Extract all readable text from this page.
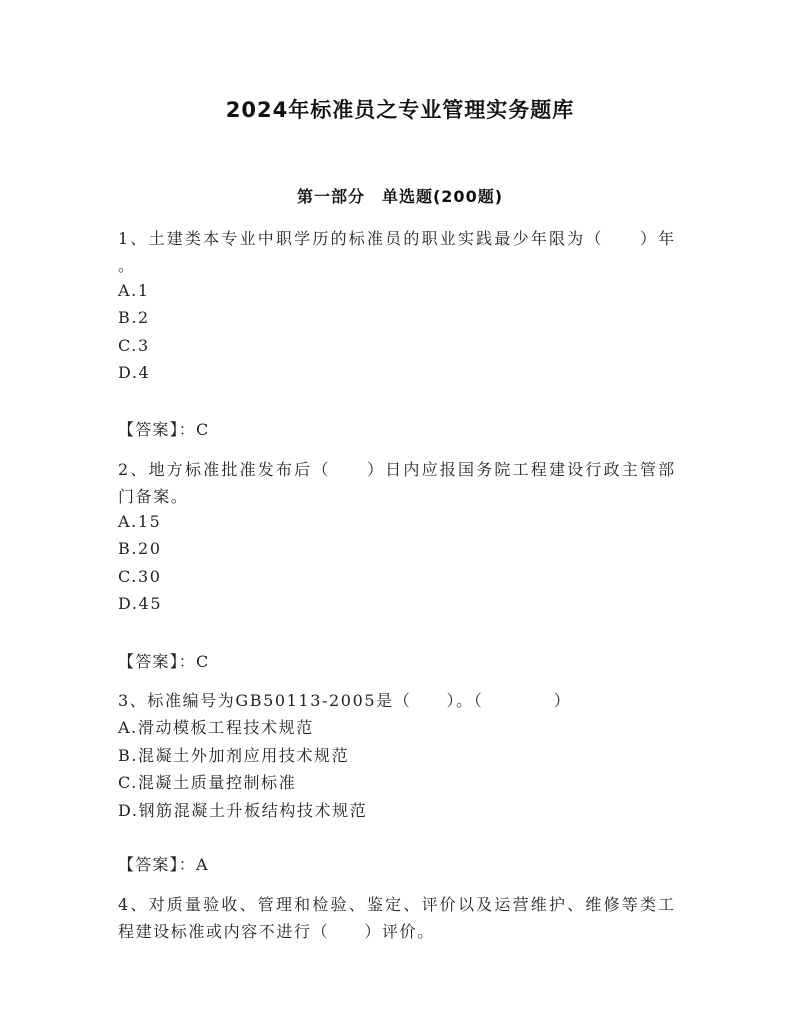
2024年标准员之专业管理实务题库
第一部分　单选题(200题)
1、土建类本专业中职学历的标准员的职业实践最少年限为（　　）年
。
A.1
B.2
C.3
D.4
【答案】：C
2、地方标准批准发布后（　　）日内应报国务院工程建设行政主管部
门备案。
A.15
B.20
C.30
D.45
【答案】：C
3、标准编号为GB50113-2005是（　　）。（　　　　）
A.滑动模板工程技术规范
B.混凝土外加剂应用技术规范
C.混凝土质量控制标准
D.钢筋混凝土升板结构技术规范
【答案】：A
4、对质量验收、管理和检验、鉴定、评价以及运营维护、维修等类工
程建设标准或内容不进行（　　）评价。
